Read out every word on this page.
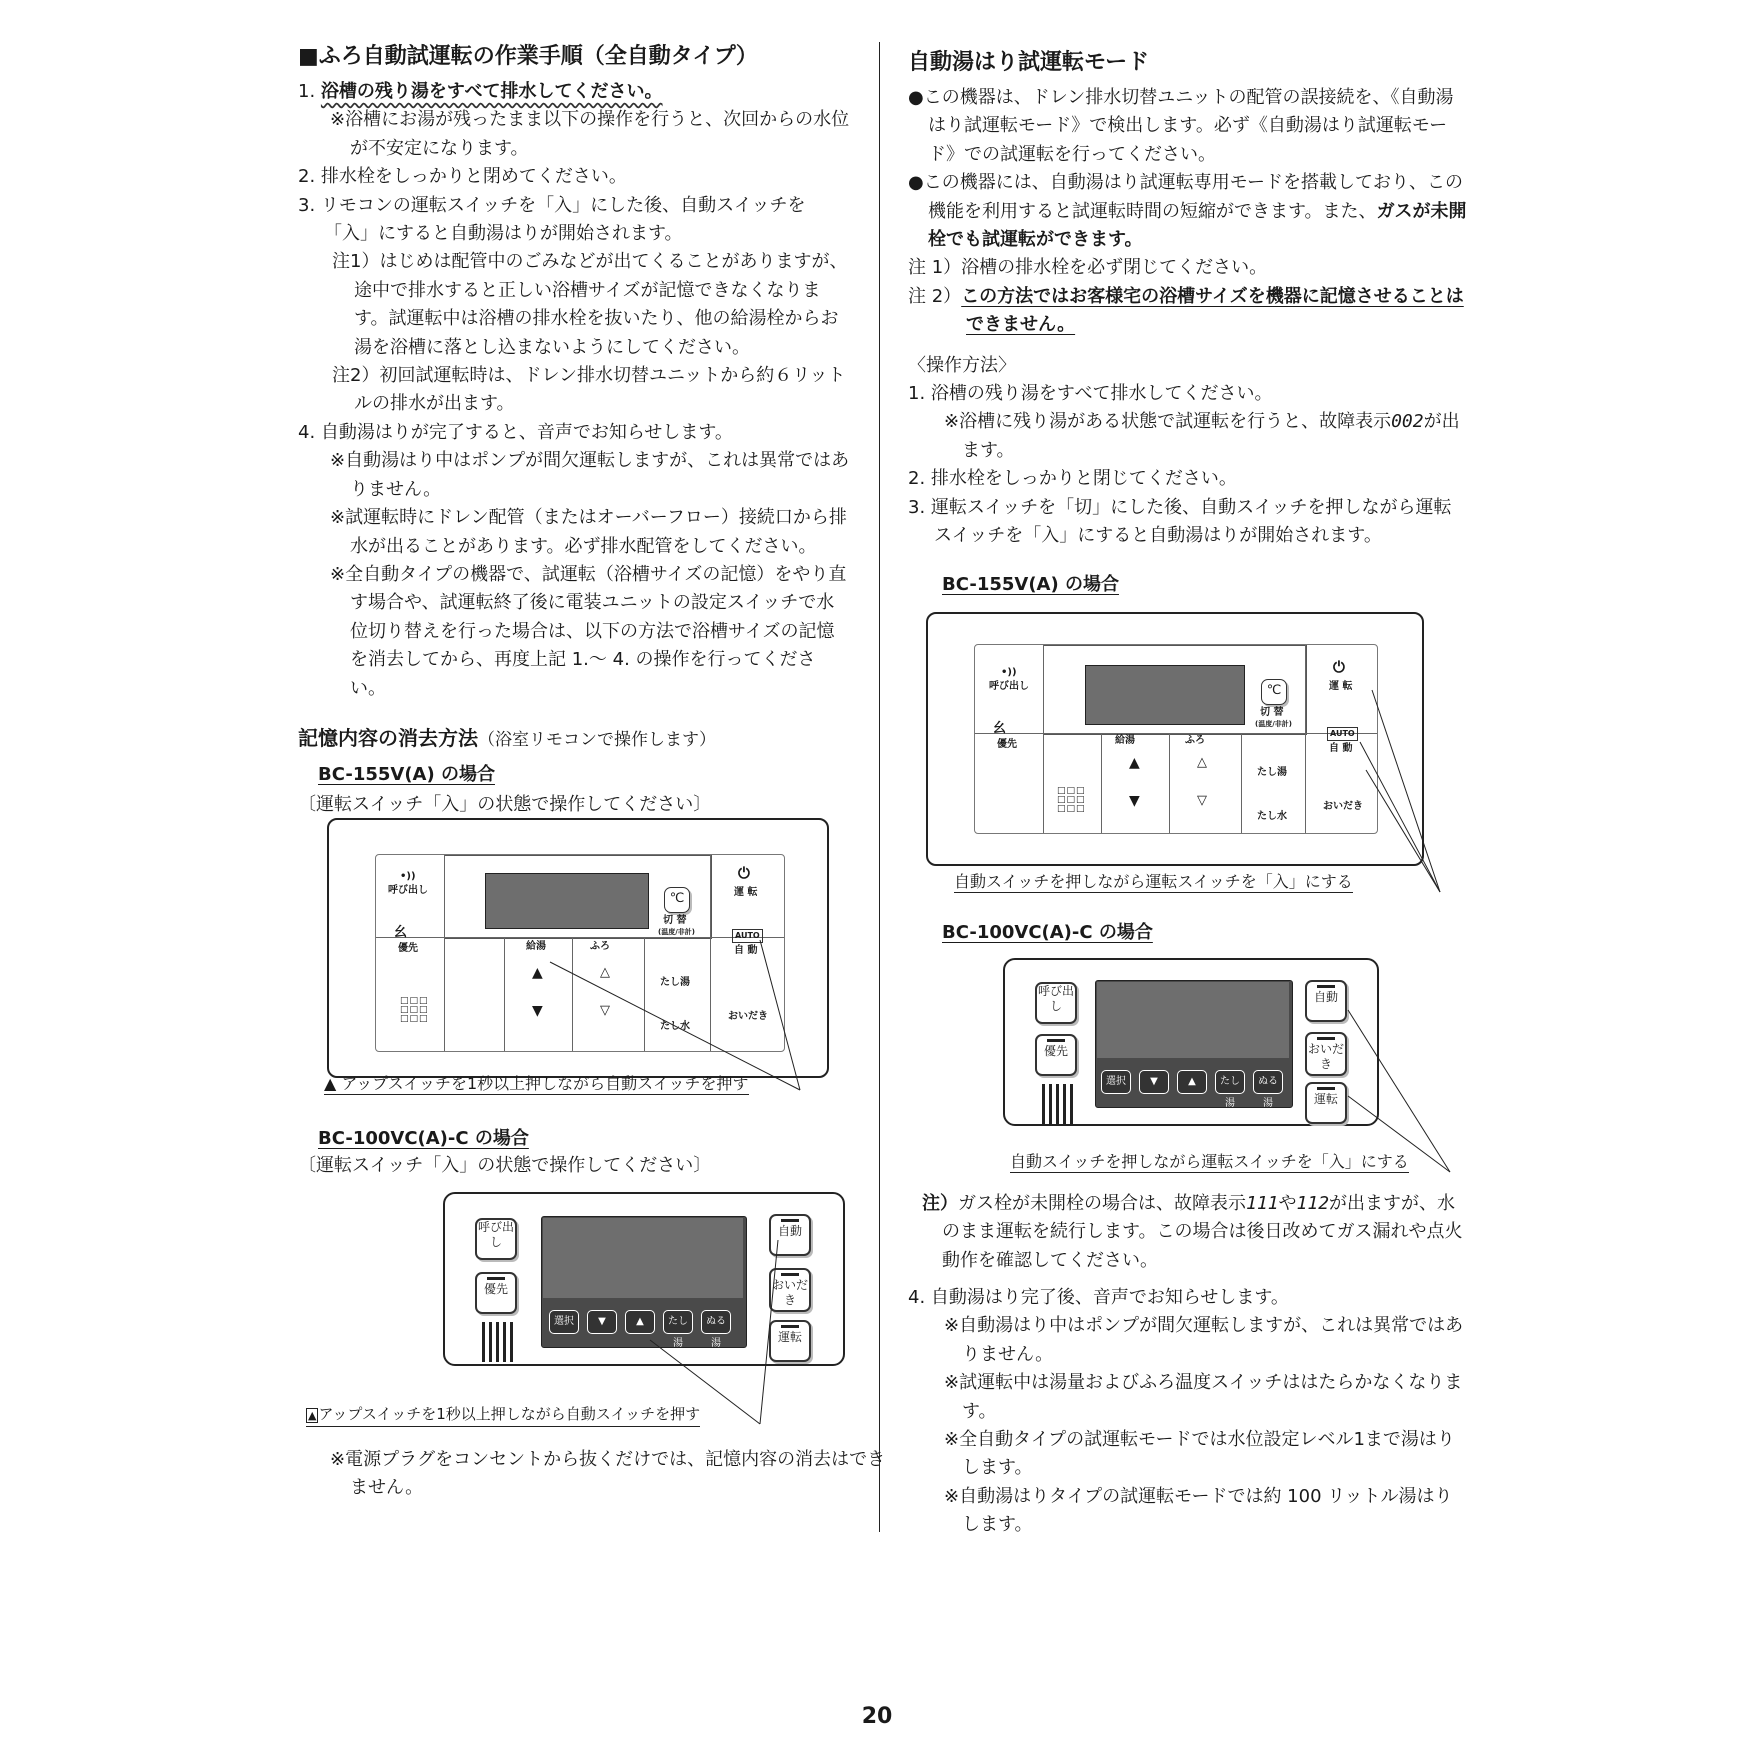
■ふろ自動試運転の作業手順（全自動タイプ）
1. 浴槽の残り湯をすべて排水してください。
※浴槽にお湯が残ったまま以下の操作を行うと、次回からの水位が不安定になります。
2. 排水栓をしっかりと閉めてください。
3. リモコンの運転スイッチを「入」にした後、自動スイッチを「入」にすると自動湯はりが開始されます。
注1）はじめは配管中のごみなどが出てくることがありますが、途中で排水すると正しい浴槽サイズが記憶できなくなります。試運転中は浴槽の排水栓を抜いたり、他の給湯栓からお湯を浴槽に落とし込まないようにしてください。
注2）初回試運転時は、ドレン排水切替ユニットから約６リットルの排水が出ます。
4. 自動湯はりが完了すると、音声でお知らせします。
※自動湯はり中はポンプが間欠運転しますが、これは異常ではありません。
※試運転時にドレン配管（またはオーバーフロー）接続口から排水が出ることがあります。必ず排水配管をしてください。
※全自動タイプの機器で、試運転（浴槽サイズの記憶）をやり直す場合や、試運転終了後に電装ユニットの設定スイッチで水位切り替えを行った場合は、以下の方法で浴槽サイズの記憶を消去してから、再度上記 1.～ 4. の操作を行ってください。
記憶内容の消去方法（浴室リモコンで操作します）
BC-155V(A) の場合
〔運転スイッチ「入」の状態で操作してください〕
℃
切 替
(温度/非計)
•))
呼び出し
⺓
優先
□□□
□□□
□□□
給湯	ふろ
▲
▼
△
▽
たし湯
たし水
⏻
運 転
AUTO
自 動
おいだき
▲ アップスイッチを1秒以上押しながら自動スイッチを押す
BC-100VC(A)-C の場合
〔運転スイッチ「入」の状態で操作してください〕
呼び出し
優先
選択	▼	▲	たし湯
ぬる湯
自動
おいだき
運転
▲ アップスイッチを1秒以上押しながら自動スイッチを押す
※電源プラグをコンセントから抜くだけでは、記憶内容の消去はできません。
自動湯はり試運転モード
●この機器は、ドレン排水切替ユニットの配管の誤接続を、《自動湯はり試運転モード》で検出します。必ず《自動湯はり試運転モード》での試運転を行ってください。
●この機器には、自動湯はり試運転専用モードを搭載しており、この機能を利用すると試運転時間の短縮ができます。また、ガスが未開栓でも試運転ができます。
注 1）浴槽の排水栓を必ず閉じてください。
注 2）この方法ではお客様宅の浴槽サイズを機器に記憶させることはできません。
〈操作方法〉
1. 浴槽の残り湯をすべて排水してください。
※浴槽に残り湯がある状態で試運転を行うと、故障表示002が出ます。
2. 排水栓をしっかりと閉じてください。
3. 運転スイッチを「切」にした後、自動スイッチを押しながら運転スイッチを「入」にすると自動湯はりが開始されます。
BC-155V(A) の場合
℃
切 替
(温度/非計)
•))
呼び出し
⺓
優先
□□□
□□□
□□□
給湯	ふろ
▲
▼
△
▽
たし湯
たし水
⏻
運 転
AUTO
自 動
おいだき
自動スイッチを押しながら運転スイッチを「入」にする
BC-100VC(A)-C の場合
呼び出し
優先
選択	▼	▲	たし湯
ぬる湯
自動
おいだき
運転
自動スイッチを押しながら運転スイッチを「入」にする
注）ガス栓が未開栓の場合は、故障表示111や112が出ますが、水のまま運転を続行します。この場合は後日改めてガス漏れや点火動作を確認してください。
4. 自動湯はり完了後、音声でお知らせします。
※自動湯はり中はポンプが間欠運転しますが、これは異常ではありません。
※試運転中は湯量およびふろ温度スイッチははたらかなくなります。
※全自動タイプの試運転モードでは水位設定レベル1まで湯はりします。
※自動湯はりタイプの試運転モードでは約 100 リットル湯はりします。
20
